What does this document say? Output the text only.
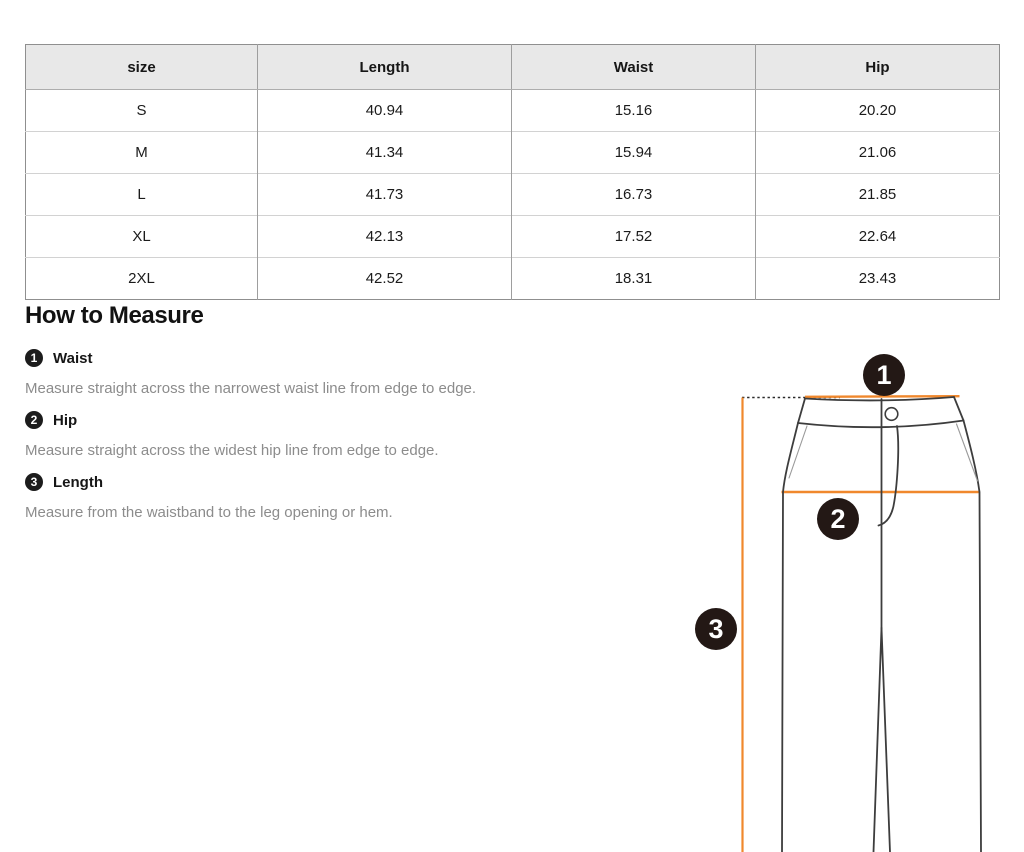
size	Length	Waist	Hip
S	40.94	15.16	20.20
M	41.34	15.94	21.06
L	41.73	16.73	21.85
XL	42.13	17.52	22.64
2XL	42.52	18.31	23.43
How to Measure
1	Waist
Measure straight across the narrowest waist line from edge to edge.
2	Hip
Measure straight across the widest hip line from edge to edge.
3	Length
Measure from the waistband to the leg opening or hem.
1
2
3
